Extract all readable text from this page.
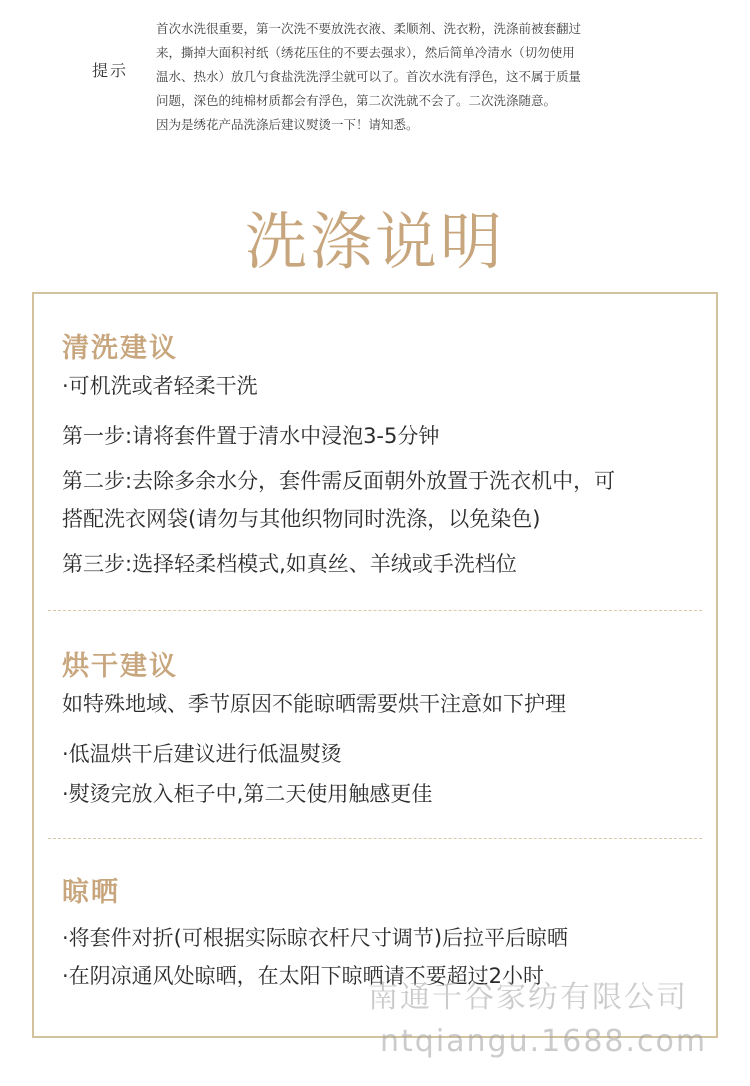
提示

首次水洗很重要，第一次洗不要放洗衣液、柔顺剂、洗衣粉，洗涤前被套翻过

来，撕掉大面积衬纸（绣花压住的不要去强求），然后简单冷清水（切勿使用

温水、热水）放几勺食盐洗洗浮尘就可以了。首次水洗有浮色，这不属于质量

问题，深色的纯棉材质都会有浮色，第二次洗就不会了。二次洗涤随意。

因为是绣花产品洗涤后建议熨烫一下！请知悉。

洗涤说明
清洗建议

·可机洗或者轻柔干洗

第一步:请将套件置于清水中浸泡3-5分钟

第二步:去除多余水分，套件需反面朝外放置于洗衣机中，可

搭配洗衣网袋(请勿与其他织物同时洗涤，以免染色)

第三步:选择轻柔档模式,如真丝、羊绒或手洗档位

烘干建议

如特殊地域、季节原因不能晾晒需要烘干注意如下护理

·低温烘干后建议进行低温熨烫

·熨烫完放入柜子中,第二天使用触感更佳

晾晒

·将套件对折(可根据实际晾衣杆尺寸调节)后拉平后晾晒

·在阴凉通风处晾晒，在太阳下晾晒请不要超过2小时

南通千谷家纺有限公司
ntqiangu.1688.com
